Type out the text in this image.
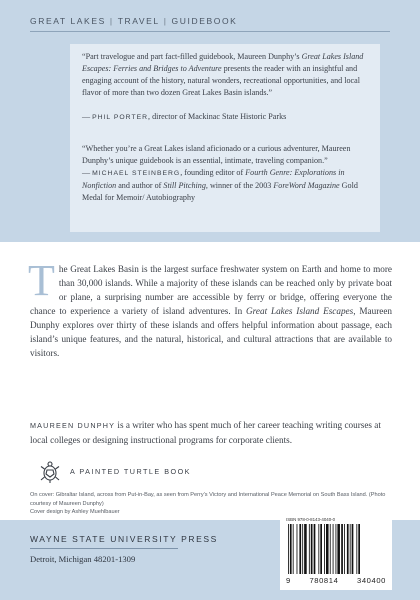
GREAT LAKES | TRAVEL | GUIDEBOOK
“Part travelogue and part fact-filled guidebook, Maureen Dunphy’s Great Lakes Island Escapes: Ferries and Bridges to Adventure presents the reader with an insightful and engaging account of the history, natural wonders, recreational opportunities, and local flavor of more than two dozen Great Lakes Basin islands.”
— PHIL PORTER, director of Mackinac State Historic Parks
“Whether you’re a Great Lakes island aficionado or a curious adventurer, Maureen Dunphy’s unique guidebook is an essential, intimate, traveling companion.”
— MICHAEL STEINBERG, founding editor of Fourth Genre: Explorations in Nonfiction and author of Still Pitching, winner of the 2003 ForeWord Magazine Gold Medal for Memoir/ Autobiography
The Great Lakes Basin is the largest surface freshwater system on Earth and home to more than 30,000 islands. While a majority of these islands can be reached only by private boat or plane, a surprising number are accessible by ferry or bridge, offering everyone the chance to experience a variety of island adventures. In Great Lakes Island Escapes, Maureen Dunphy explores over thirty of these islands and offers helpful information about passage, each island’s unique features, and the natural, historical, and cultural attractions that are available to visitors.
MAUREEN DUNPHY is a writer who has spent much of her career teaching writing courses at local colleges or designing instructional programs for corporate clients.
A PAINTED TURTLE BOOK
On cover: Gibraltar Island, across from Put-in-Bay, as seen from Perry’s Victory and International Peace Memorial on South Bass Island. (Photo courtesy of Maureen Dunphy)
Cover design by Ashley Muehlbauer
WAYNE STATE UNIVERSITY PRESS
Detroit, Michigan 48201-1309
ISBN 978-0-8143-4040-0
9 780814 340400
